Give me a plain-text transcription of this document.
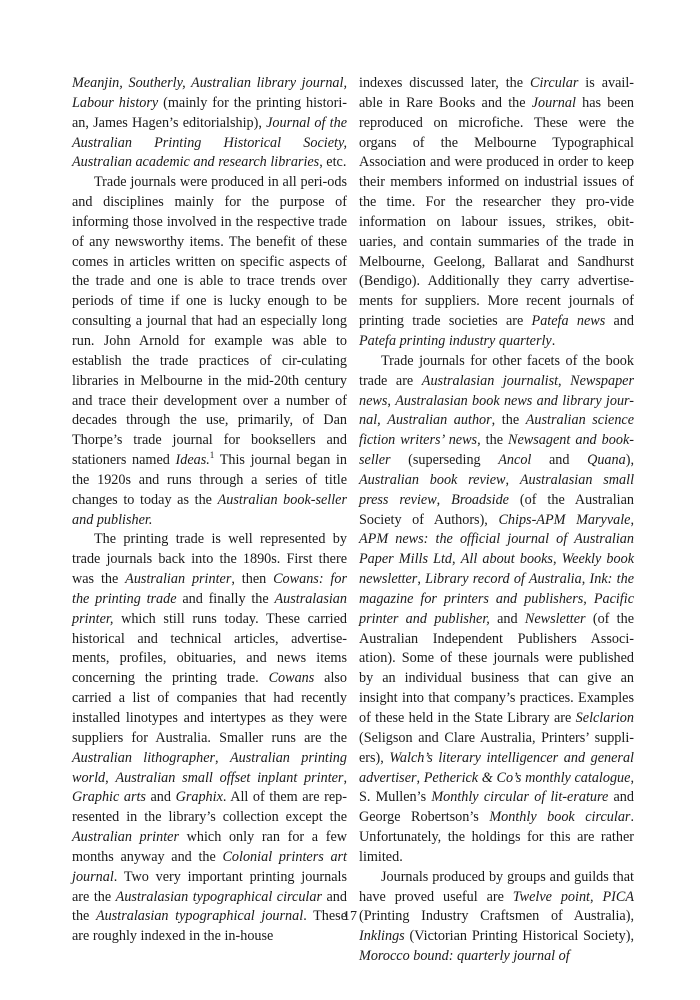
Meanjin, Southerly, Australian library journal, Labour history (mainly for the printing histori-an, James Hagen’s editorialship), Journal of the Australian Printing Historical Society, Australian academic and research libraries, etc.

Trade journals were produced in all peri-ods and disciplines mainly for the purpose of informing those involved in the respective trade of any newsworthy items. The benefit of these comes in articles written on specific aspects of the trade and one is able to trace trends over periods of time if one is lucky enough to be consulting a journal that had an especially long run. John Arnold for example was able to establish the trade practices of cir-culating libraries in Melbourne in the mid-20th century and trace their development over a number of decades through the use, primarily, of Dan Thorpe’s trade journal for booksellers and stationers named Ideas.$^1$ This journal began in the 1920s and runs through a series of title changes to today as the Australian book-seller and publisher.

The printing trade is well represented by trade journals back into the 1890s. First there was the Australian printer, then Cowans: for the printing trade and finally the Australasian printer, which still runs today. These carried historical and technical articles, advertise-ments, profiles, obituaries, and news items concerning the printing trade. Cowans also carried a list of companies that had recently installed linotypes and intertypes as they were suppliers for Australia. Smaller runs are the Australian lithographer, Australian printing world, Australian small offset inplant printer, Graphic arts and Graphix. All of them are rep-resented in the library’s collection except the Australian printer which only ran for a few months anyway and the Colonial printers art journal. Two very important printing journals are the Australasian typographical circular and the Australasian typographical journal. These are roughly indexed in the in-house

indexes discussed later, the Circular is avail-able in Rare Books and the Journal has been reproduced on microfiche. These were the organs of the Melbourne Typographical Association and were produced in order to keep their members informed on industrial issues of the time. For the researcher they pro-vide information on labour issues, strikes, obit-uaries, and contain summaries of the trade in Melbourne, Geelong, Ballarat and Sandhurst (Bendigo). Additionally they carry advertise-ments for suppliers. More recent journals of printing trade societies are Patefa news and Patefa printing industry quarterly.

Trade journals for other facets of the book trade are Australasian journalist, Newspaper news, Australasian book news and library jour-nal, Australian author, the Australian science fiction writers’ news, the Newsagent and book-seller (superseding Ancol and Quana), Australian book review, Australasian small press review, Broadside (of the Australian Society of Authors), Chips-APM Maryvale, APM news: the official journal of Australian Paper Mills Ltd, All about books, Weekly book newsletter, Library record of Australia, Ink: the magazine for printers and publishers, Pacific printer and publisher, and Newsletter (of the Australian Independent Publishers Associ-ation). Some of these journals were published by an individual business that can give an insight into that company’s practices. Examples of these held in the State Library are Selclarion (Seligson and Clare Australia, Printers’ suppli-ers), Walch’s literary intelligencer and general advertiser, Petherick & Co’s monthly catalogue, S. Mullen’s Monthly circular of lit-erature and George Robertson’s Monthly book circular. Unfortunately, the holdings for this are rather limited.

Journals produced by groups and guilds that have proved useful are Twelve point, PICA (Printing Industry Craftsmen of Australia), Inklings (Victorian Printing Historical Society), Morocco bound: quarterly journal of

17
